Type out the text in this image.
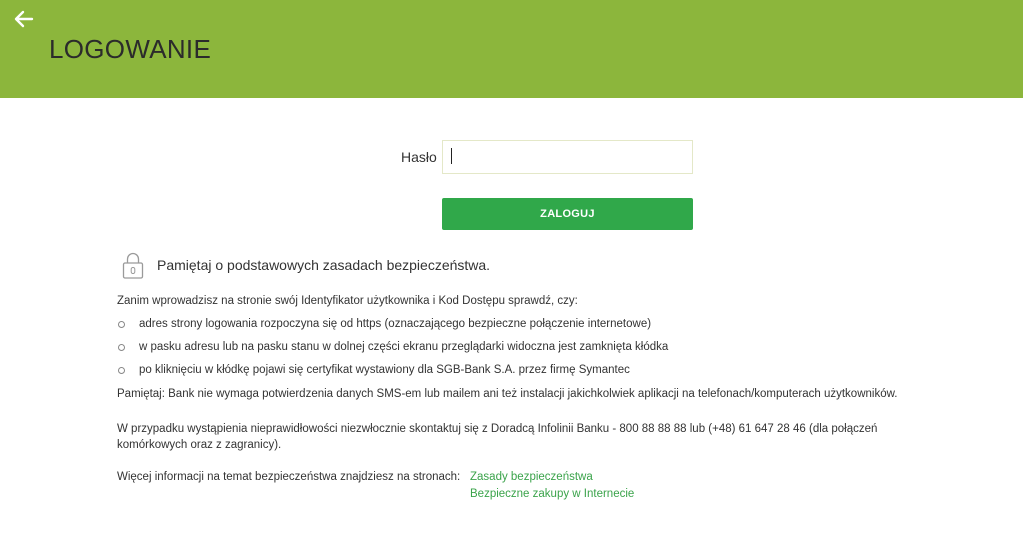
LOGOWANIE
Hasło
ZALOGUJ
Pamiętaj o podstawowych zasadach bezpieczeństwa.
Zanim wprowadzisz na stronie swój Identyfikator użytkownika i Kod Dostępu sprawdź, czy:
adres strony logowania rozpoczyna się od https (oznaczającego bezpieczne połączenie internetowe)
w pasku adresu lub na pasku stanu w dolnej części ekranu przeglądarki widoczna jest zamknięta kłódka
po kliknięciu w kłódkę pojawi się certyfikat wystawiony dla SGB-Bank S.A. przez firmę Symantec
Pamiętaj: Bank nie wymaga potwierdzenia danych SMS-em lub mailem ani też instalacji jakichkolwiek aplikacji na telefonach/komputerach użytkowników.
W przypadku wystąpienia nieprawidłowości niezwłocznie skontaktuj się z Doradcą Infolinii Banku - 800 88 88 88 lub (+48) 61 647 28 46 (dla połączeń komórkowych oraz z zagranicy).
Więcej informacji na temat bezpieczeństwa znajdziesz na stronach: Zasady bezpieczeństwa
Bezpieczne zakupy w Internecie
